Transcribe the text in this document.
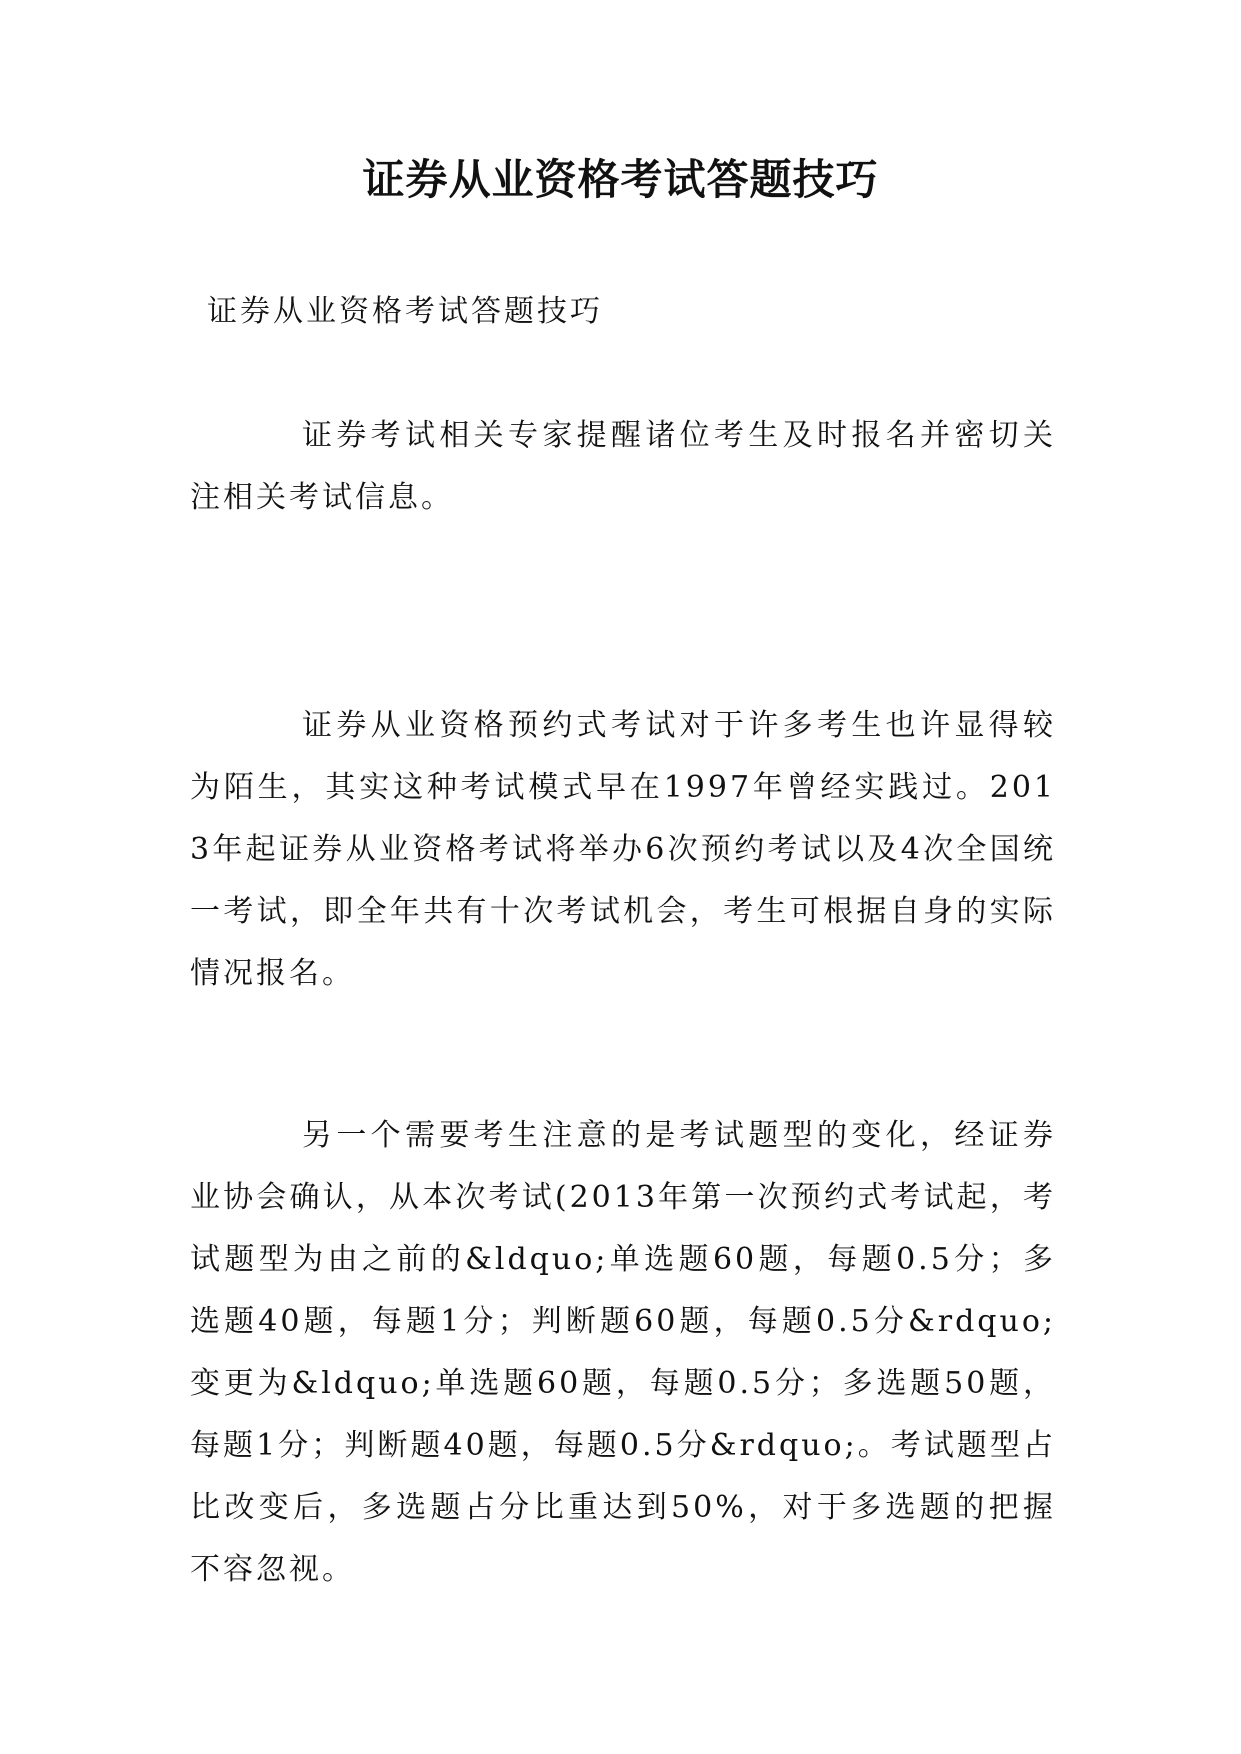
证券从业资格考试答题技巧

证券从业资格考试答题技巧

证券考试相关专家提醒诸位考生及时报名并密切关注相关考试信息。

证券从业资格预约式考试对于许多考生也许显得较为陌生，其实这种考试模式早在1997年曾经实践过。2013年起证券从业资格考试将举办6次预约考试以及4次全国统一考试，即全年共有十次考试机会，考生可根据自身的实际情况报名。

另一个需要考生注意的是考试题型的变化，经证券业协会确认，从本次考试(2013年第一次预约式考试起，考试题型为由之前的&ldquo;单选题60题，每题0.5分；多选题40题，每题1分；判断题60题，每题0.5分&rdquo;变更为&ldquo;单选题60题，每题0.5分；多选题50题，每题1分；判断题40题，每题0.5分&rdquo;。考试题型占比改变后，多选题占分比重达到50%，对于多选题的把握不容忽视。
